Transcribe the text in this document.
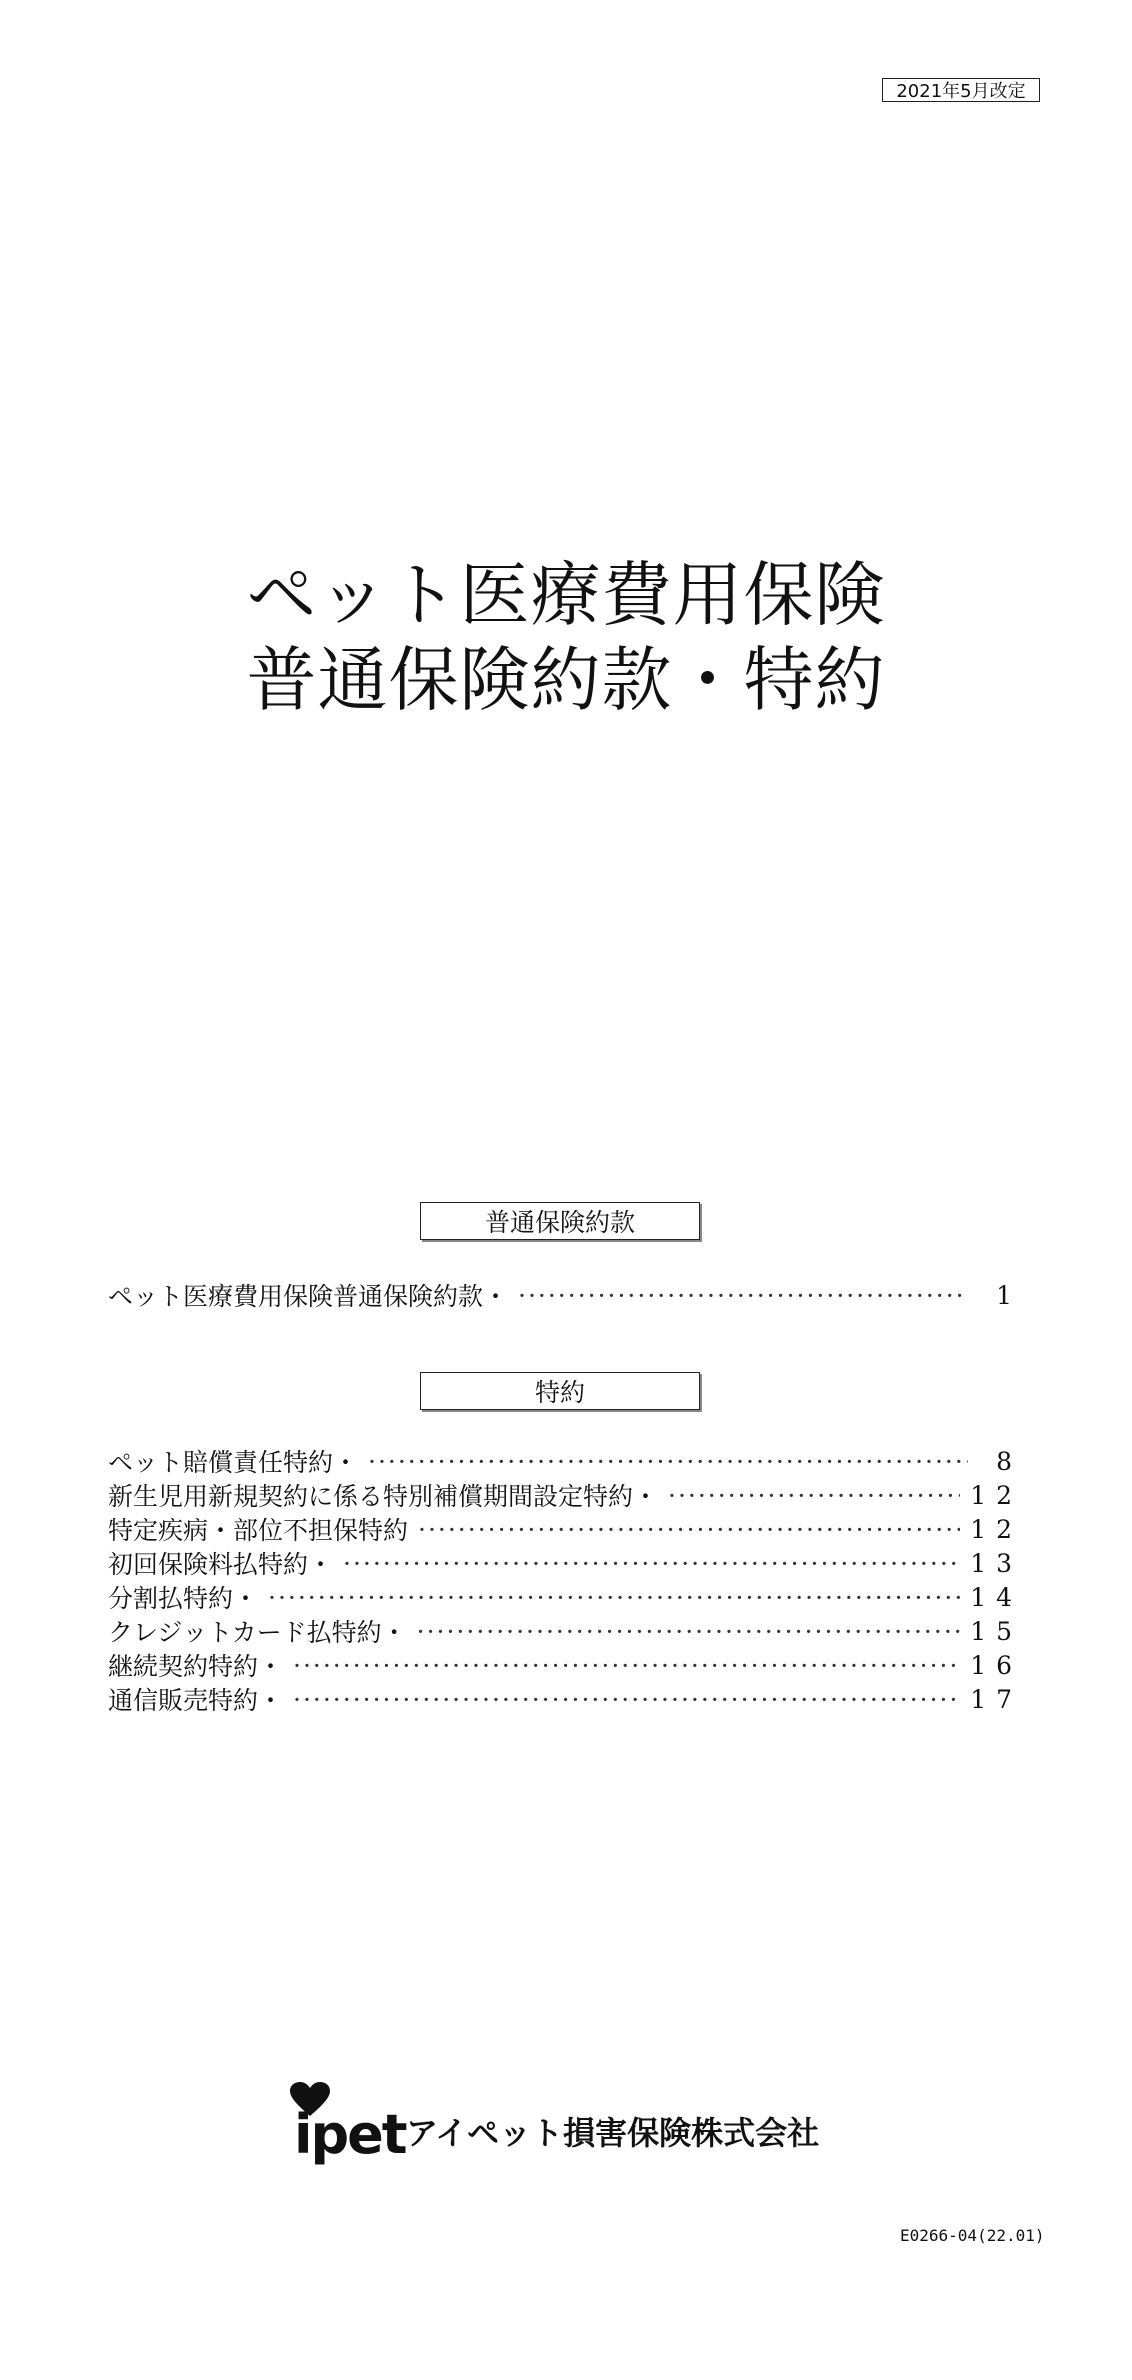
2021年5月改定
ペット医療費用保険
普通保険約款・特約
普通保険約款
ペット医療費用保険普通保険約款・ ·····	1
特約
ペット賠償責任特約・ ·····	8
新生児用新規契約に係る特別補償期間設定特約・ ·····	12
特定疾病・部位不担保特約 ·····	12
初回保険料払特約・ ·····	13
分割払特約・ ·····	14
クレジットカード払特約・ ·····	15
継続契約特約・ ·····	16
通信販売特約・ ·····	17
ipet アイペット損害保険株式会社
E0266-04(22.01)
